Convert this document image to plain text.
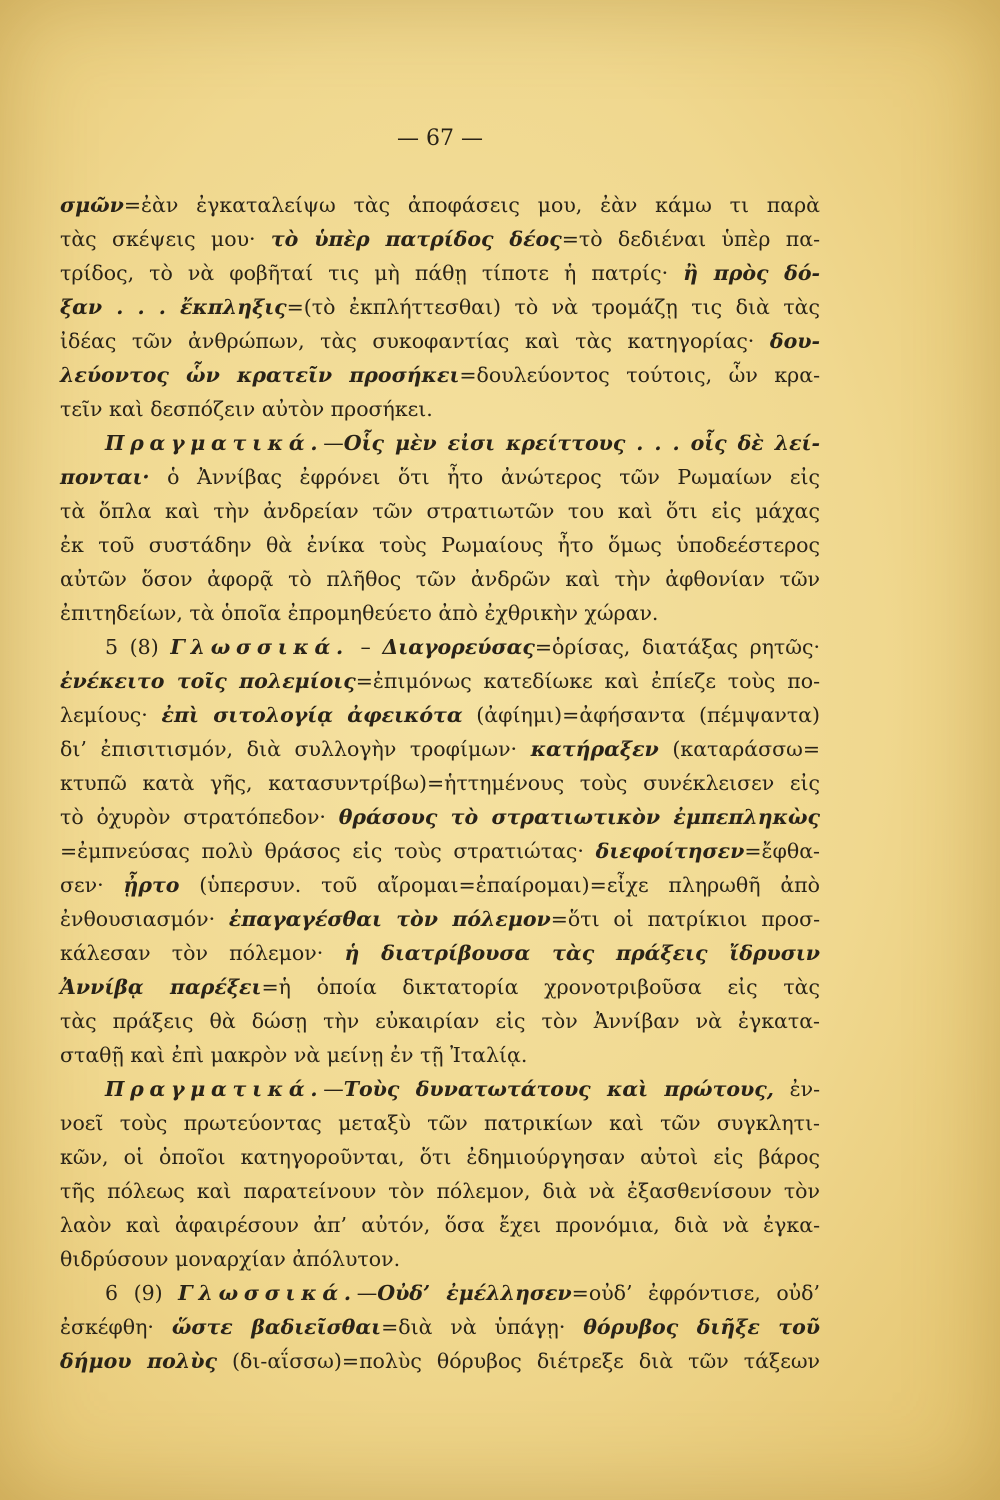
— 67 —
σμῶν=ἐὰν ἐγκαταλείψω τὰς ἀποφάσεις μου, ἐὰν κάμω τι παρὰ
τὰς σκέψεις μου· τὸ ὑπὲρ πατρίδος δέος=τὸ δεδιέναι ὑπὲρ πα-
τρίδος, τὸ νὰ φοβῆταί τις μὴ πάθῃ τίποτε ἡ πατρίς· ἢ πρὸς δό-
ξαν . . . ἔκπληξις=(τὸ ἐκπλήττεσθαι) τὸ νὰ τρομάζῃ τις διὰ τὰς
ἰδέας τῶν ἀνθρώπων, τὰς συκοφαντίας καὶ τὰς κατηγορίας· δου-
λεύοντος ὧν κρατεῖν προσήκει=δουλεύοντος τούτοις, ὧν κρα-
τεῖν καὶ δεσπόζειν αὐτὸν προσήκει.
Πραγματικά.—Οἷς μὲν εἰσι κρείττους . . . οἷς δὲ λεί-
πονται· ὁ Ἀννίβας ἐφρόνει ὅτι ἦτο ἀνώτερος τῶν Ρωμαίων εἰς
τὰ ὅπλα καὶ τὴν ἀνδρείαν τῶν στρατιωτῶν του καὶ ὅτι εἰς μάχας
ἐκ τοῦ συστάδην θὰ ἐνίκα τοὺς Ρωμαίους ἦτο ὅμως ὑποδεέστερος
αὐτῶν ὅσον ἀφορᾷ τὸ πλῆθος τῶν ἀνδρῶν καὶ τὴν ἀφθονίαν τῶν
ἐπιτηδείων, τὰ ὁποῖα ἐπρομηθεύετο ἀπὸ ἐχθρικὴν χώραν.
5 (8) Γλωσσικά. – Διαγορεύσας=ὁρίσας, διατάξας ρητῶς·
ἐνέκειτο τοῖς πολεμίοις=ἐπιμόνως κατεδίωκε καὶ ἐπίεζε τοὺς πο-
λεμίους· ἐπὶ σιτολογίᾳ ἀφεικότα (ἀφίημι)=ἀφήσαντα (πέμψαντα)
δι’ ἐπισιτισμόν, διὰ συλλογὴν τροφίμων· κατήραξεν (καταράσσω=
κτυπῶ κατὰ γῆς, κατασυντρίβω)=ἡττημένους τοὺς συνέκλεισεν εἰς
τὸ ὀχυρὸν στρατόπεδον· θράσους τὸ στρατιωτικὸν ἐμπεπληκὼς
=ἐμπνεύσας πολὺ θράσος εἰς τοὺς στρατιώτας· διεφοίτησεν=ἔφθα-
σεν· ᾖρτο (ὑπερσυν. τοῦ αἴρομαι=ἐπαίρομαι)=εἶχε πληρωθῆ ἀπὸ
ἐνθουσιασμόν· ἐπαγαγέσθαι τὸν πόλεμον=ὅτι οἱ πατρίκιοι προσ-
κάλεσαν τὸν πόλεμον· ἡ διατρίβουσα τὰς πράξεις ἴδρυσιν
Ἀννίβᾳ παρέξει=ἡ ὁποία δικτατορία χρονοτριβοῦσα εἰς τὰς
τὰς πράξεις θὰ δώσῃ τὴν εὐκαιρίαν εἰς τὸν Ἀννίβαν νὰ ἐγκατα-
σταθῇ καὶ ἐπὶ μακρὸν νὰ μείνῃ ἐν τῇ Ἰταλίᾳ.
Πραγματικά.—Τοὺς δυνατωτάτους καὶ πρώτους, ἐν-
νοεῖ τοὺς πρωτεύοντας μεταξὺ τῶν πατρικίων καὶ τῶν συγκλητι-
κῶν, οἱ ὁποῖοι κατηγοροῦνται, ὅτι ἐδημιούργησαν αὐτοὶ εἰς βάρος
τῆς πόλεως καὶ παρατείνουν τὸν πόλεμον, διὰ νὰ ἐξασθενίσουν τὸν
λαὸν καὶ ἀφαιρέσουν ἀπ’ αὐτόν, ὅσα ἔχει προνόμια, διὰ νὰ ἐγκα-
θιδρύσουν μοναρχίαν ἀπόλυτον.
6 (9) Γλωσσικά.—Οὐδ’ ἐμέλλησεν=οὐδ’ ἐφρόντισε, οὐδ’
ἐσκέφθη· ὥστε βαδιεῖσθαι=διὰ νὰ ὑπάγῃ· θόρυβος διῆξε τοῦ
δήμου πολὺς (δι-αΐσσω)=πολὺς θόρυβος διέτρεξε διὰ τῶν τάξεων
